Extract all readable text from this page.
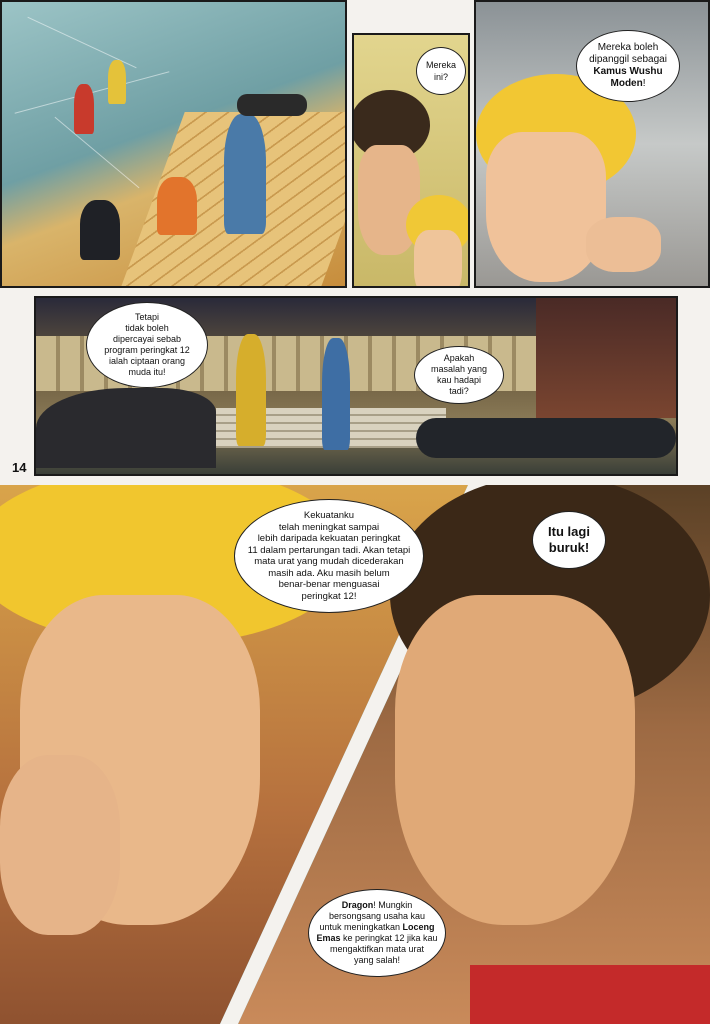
Mereka
ini?
Mereka boleh
dipanggil sebagai
Kamus Wushu
Moden!
Tetapi
tidak boleh
dipercayai sebab
program peringkat 12
ialah ciptaan orang
muda itu!
Apakah
masalah yang
kau hadapi
tadi?
14
Kekuatanku
telah meningkat sampai
lebih daripada kekuatan peringkat
11 dalam pertarungan tadi. Akan tetapi
mata urat yang mudah dicederakan
masih ada. Aku masih belum
benar-benar menguasai
peringkat 12!
Itu lagi
buruk!
Dragon! Mungkin
bersongsang usaha kau
untuk meningkatkan Loceng
Emas ke peringkat 12 jika kau
mengaktifkan mata urat
yang salah!
